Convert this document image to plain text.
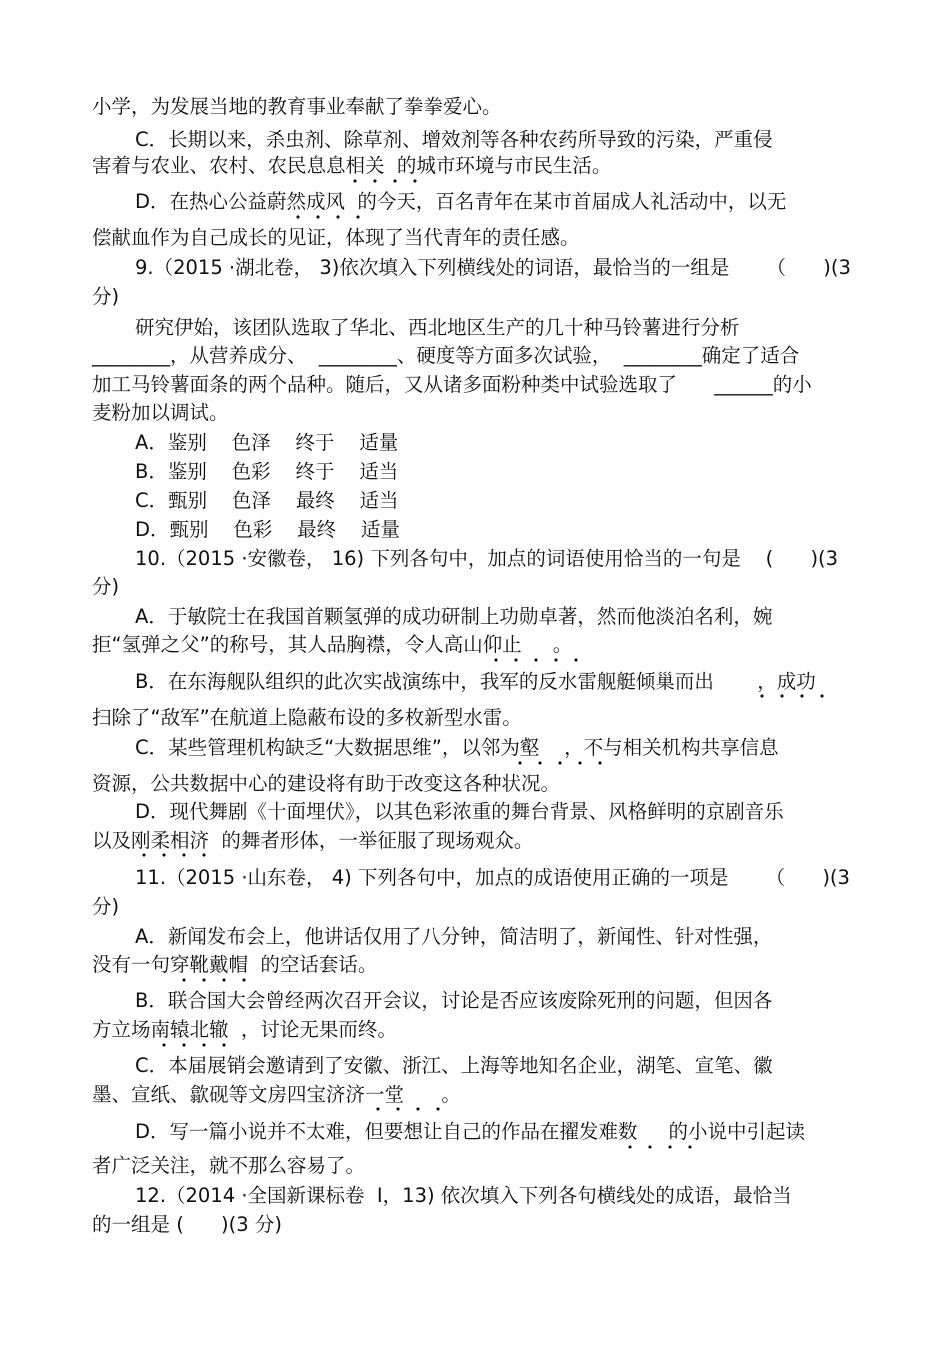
小学，为发展当地的教育事业奉献了拳拳爱心。
C．长期以来，杀虫剂、除草剂、增效剂等各种农药所导致的污染，严重侵
害着与农业、农村、农民息息相关  的城市环境与市民生活。
D．在热心公益蔚然成风  的今天，百名青年在某市首届成人礼活动中，以无
偿献血作为自己成长的见证，体现了当代青年的责任感。
9.（2015 ·湖北卷， 3)依次填入下列横线处的词语，最恰当的一组是      （      )(3
分)
研究伊始，该团队选取了华北、西北地区生产的几十种马铃薯进行分析
________，从营养成分、  ________、硬度等方面多次试验，  ________确定了适合
加工马铃薯面条的两个品种。随后，又从诸多面粉种类中试验选取了      ______的小
麦粉加以调试。
A．鉴别    色泽    终于    适量
B．鉴别    色彩    终于    适当
C．甄别    色泽    最终    适当
D．甄别    色彩    最终    适量
10.（2015 ·安徽卷， 16) 下列各句中，加点的词语使用恰当的一句是    (      )(3
分)
A．于敏院士在我国首颗氢弹的成功研制上功勋卓著，然而他淡泊名利，婉
拒“氢弹之父”的称号，其人品胸襟，令人高山仰止     。
B．在东海舰队组织的此次实战演练中，我军的反水雷舰艇倾巢而出       ，成功
扫除了“敌军”在航道上隐蔽布设的多枚新型水雷。
C．某些管理机构缺乏“大数据思维”，以邻为壑    ，不与相关机构共享信息
资源，公共数据中心的建设将有助于改变这各种状况。
D．现代舞剧《十面埋伏》，以其色彩浓重的舞台背景、风格鲜明的京剧音乐
以及刚柔相济  的舞者形体，一举征服了现场观众。
11.（2015 ·山东卷， 4) 下列各句中，加点的成语使用正确的一项是      （      )(3
分)
A．新闻发布会上，他讲话仅用了八分钟，简洁明了，新闻性、针对性强，
没有一句穿靴戴帽  的空话套话。
B．联合国大会曾经两次召开会议，讨论是否应该废除死刑的问题，但因各
方立场南辕北辙  ，讨论无果而终。
C．本届展销会邀请到了安徽、浙江、上海等地知名企业，湖笔、宣笔、徽
墨、宣纸、歙砚等文房四宝济济一堂      。
D．写一篇小说并不太难，但要想让自己的作品在擢发难数     的小说中引起读
者广泛关注，就不那么容易了。
12.（2014 ·全国新课标卷  Ⅰ，13) 依次填入下列各句横线处的成语，最恰当
的一组是 (      )(3 分)
